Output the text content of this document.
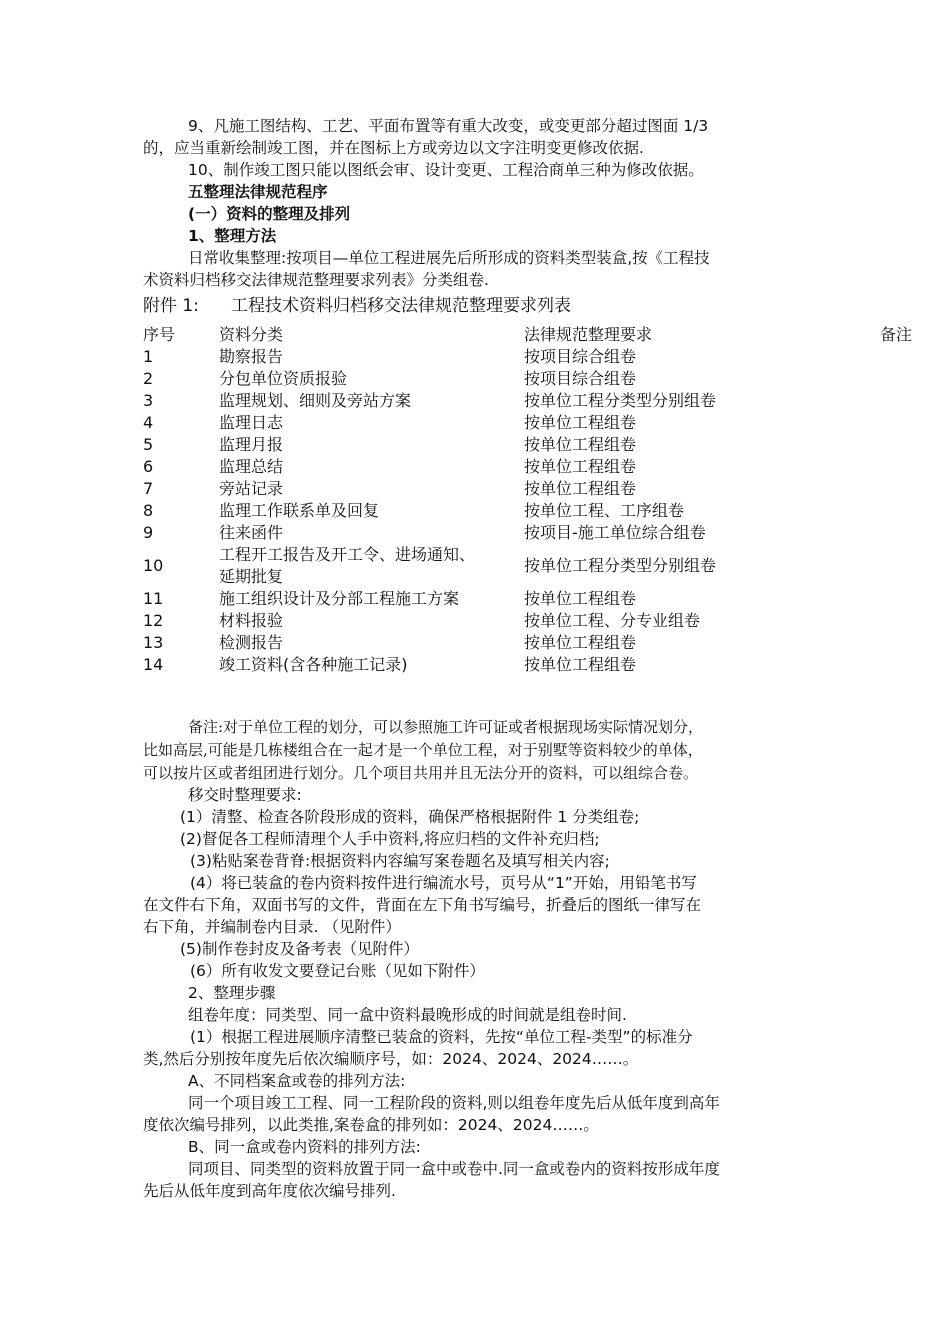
9、凡施工图结构、工艺、平面布置等有重大改变，或变更部分超过图面 1/3
的，应当重新绘制竣工图，并在图标上方或旁边以文字注明变更修改依据.
10、制作竣工图只能以图纸会审、设计变更、工程洽商单三种为修改依据。
五整理法律规范程序
(一）资料的整理及排列
1、整理方法
日常收集整理:按项目—单位工程进展先后所形成的资料类型装盒,按《工程技
术资料归档移交法律规范整理要求列表》分类组卷.
附件 1: 工程技术资料归档移交法律规范整理要求列表
序号	资料分类	法律规范整理要求	备注
1	勘察报告	按项目综合组卷	
2	分包单位资质报验	按项目综合组卷	
3	监理规划、细则及旁站方案	按单位工程分类型分别组卷	
4	监理日志	按单位工程组卷	
5	监理月报	按单位工程组卷	
6	监理总结	按单位工程组卷	
7	旁站记录	按单位工程组卷	
8	监理工作联系单及回复	按单位工程、工序组卷	
9	往来函件	按项目-施工单位综合组卷	
10	工程开工报告及开工令、进场通知、
延期批复	按单位工程分类型分别组卷	
11	施工组织设计及分部工程施工方案	按单位工程组卷	
12	材料报验	按单位工程、分专业组卷	
13	检测报告	按单位工程组卷	
14	竣工资料(含各种施工记录)	按单位工程组卷	
备注:对于单位工程的划分，可以参照施工许可证或者根据现场实际情况划分，
比如高层,可能是几栋楼组合在一起才是一个单位工程，对于别墅等资料较少的单体，
可以按片区或者组团进行划分。几个项目共用并且无法分开的资料，可以组综合卷。
移交时整理要求:
(1）清整、检查各阶段形成的资料，确保严格根据附件 1 分类组卷;
(2)督促各工程师清理个人手中资料,将应归档的文件补充归档;
(3)粘贴案卷背脊:根据资料内容编写案卷题名及填写相关内容;
(4）将已装盒的卷内资料按件进行编流水号，页号从“1”开始，用铅笔书写
在文件右下角，双面书写的文件，背面在左下角书写编号，折叠后的图纸一律写在
右下角，并编制卷内目录. （见附件）
(5)制作卷封皮及备考表（见附件）
(6）所有收发文要登记台账（见如下附件）
2、整理步骤
组卷年度：同类型、同一盒中资料最晚形成的时间就是组卷时间.
(1）根据工程进展顺序清整已装盒的资料，先按“单位工程-类型”的标准分
类,然后分别按年度先后依次编顺序号，如：2024、2024、2024……。
A、不同档案盒或卷的排列方法:
同一个项目竣工工程、同一工程阶段的资料,则以组卷年度先后从低年度到高年
度依次编号排列，以此类推,案卷盒的排列如：2024、2024……。
B、同一盒或卷内资料的排列方法:
同项目、同类型的资料放置于同一盒中或卷中.同一盒或卷内的资料按形成年度
先后从低年度到高年度依次编号排列.
